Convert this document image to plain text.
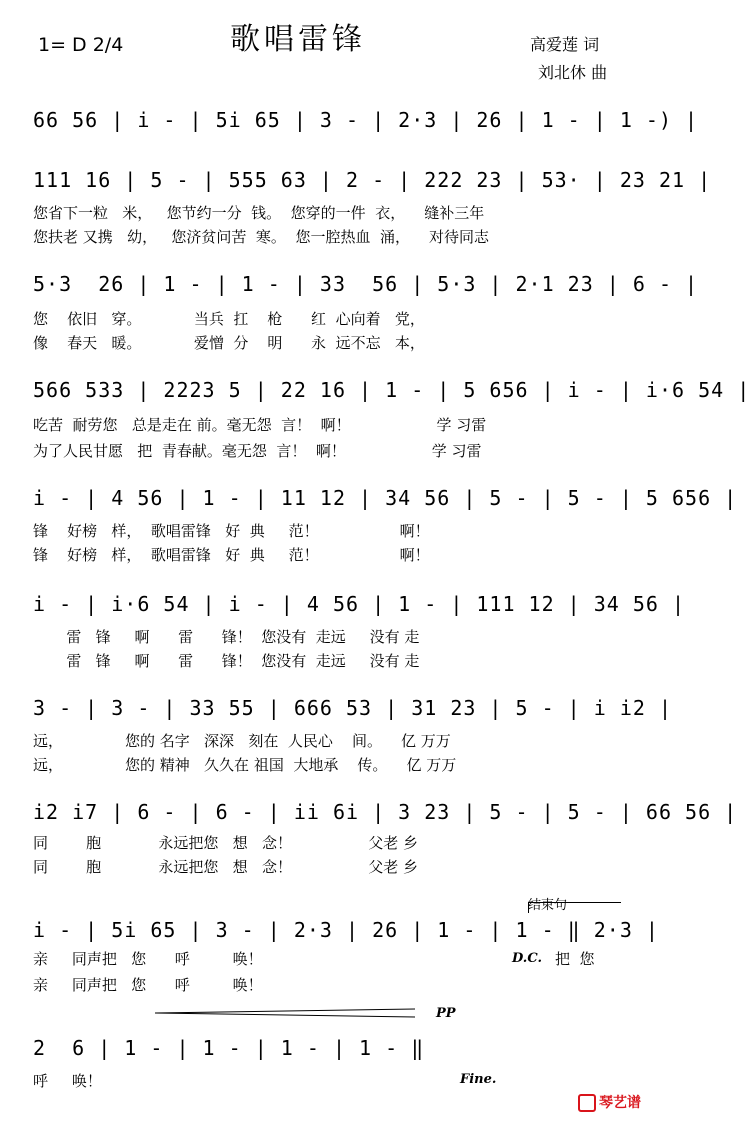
歌唱雷锋
1= D 2/4	高爱莲 词
刘北休 曲
66 56 | i - | 5i 65 | 3 - | 2·3 | 26 | 1 - | 1 -) |
111 16 | 5 - | 555 63 | 2 - | 222 23 | 53· | 23 21 |
您省下一粒   米，   您节约一分  钱。  您穿的一件  衣，    缝补三年
您扶老 又携   幼，   您济贫问苦  寒。  您一腔热血  涌，    对待同志
5·3  26 | 1 - | 1 - | 33  56 | 5·3 | 2·1 23 | 6 - |
您    依旧   穿。           当兵  扛    枪      红  心向着   党，
像    春天   暖。           爱憎  分    明      永  远不忘   本，
566 533 | 2223 5 | 22 16 | 1 - | 5 656 | i - | i·6 54 |
吃苦  耐劳您   总是走在 前。毫无怨  言！  啊！                  学 习雷
为了人民甘愿   把  青春献。毫无怨  言！  啊！                  学 习雷
i - | 4 56 | 1 - | 11 12 | 34 56 | 5 - | 5 - | 5 656 |
锋    好榜   样，  歌唱雷锋   好  典     范！                 啊！
锋    好榜   样，  歌唱雷锋   好  典     范！                 啊！
i - | i·6 54 | i - | 4 56 | 1 - | 111 12 | 34 56 |
雷   锋     啊      雷      锋！  您没有  走远     没有 走
雷   锋     啊      雷      锋！  您没有  走远     没有 走
3 - | 3 - | 33 55 | 666 53 | 31 23 | 5 - | i i2 |
远，             您的 名字   深深   刻在  人民心    间。    亿 万万
远，             您的 精神   久久在 祖国  大地承    传。    亿 万万
i2 i7 | 6 - | 6 - | ii 6i | 3 23 | 5 - | 5 - | 66 56 |
同        胞            永远把您   想   念！                父老 乡
同        胞            永远把您   想   念！                父老 乡
结束句
i - | 5i 65 | 3 - | 2·3 | 26 | 1 - | 1 - ‖ 2·3 |
亲     同声把   您      呼         唤！
亲     同声把   您      呼         唤！
D.C. 把  您
PP
2  6 | 1 - | 1 - | 1 - | 1 - ‖
呼     唤！	Fine.
琴艺谱
